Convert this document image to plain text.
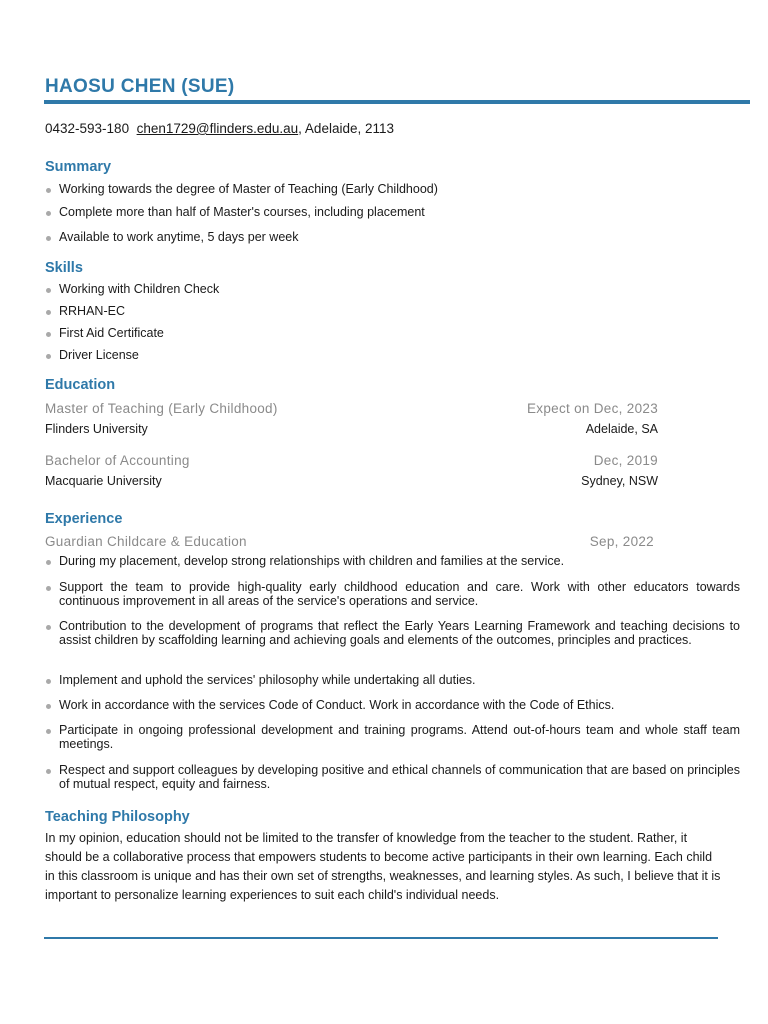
HAOSU CHEN (SUE)
0432-593-180 chen1729@flinders.edu.au, Adelaide, 2113
Summary
Working towards the degree of Master of Teaching (Early Childhood)
Complete more than half of Master's courses, including placement
Available to work anytime, 5 days per week
Skills
Working with Children Check
RRHAN-EC
First Aid Certificate
Driver License
Education
Master of Teaching (Early Childhood)	Expect on Dec, 2023
Flinders University	Adelaide, SA
Bachelor of Accounting	Dec, 2019
Macquarie University	Sydney, NSW
Experience
Guardian Childcare & Education	Sep, 2022
During my placement, develop strong relationships with children and families at the service.
Support the team to provide high-quality early childhood education and care. Work with other educators towards continuous improvement in all areas of the service's operations and service.
Contribution to the development of programs that reflect the Early Years Learning Framework and teaching decisions to assist children by scaffolding learning and achieving goals and elements of the outcomes, principles and practices.
Implement and uphold the services' philosophy while undertaking all duties.
Work in accordance with the services Code of Conduct. Work in accordance with the Code of Ethics.
Participate in ongoing professional development and training programs. Attend out-of-hours team and whole staff team meetings.
Respect and support colleagues by developing positive and ethical channels of communication that are based on principles of mutual respect, equity and fairness.
Teaching Philosophy

In my opinion, education should not be limited to the transfer of knowledge from the teacher to the student. Rather, it should be a collaborative process that empowers students to become active participants in their own learning. Each child in this classroom is unique and has their own set of strengths, weaknesses, and learning styles. As such, I believe that it is important to personalize learning experiences to suit each child's individual needs.
